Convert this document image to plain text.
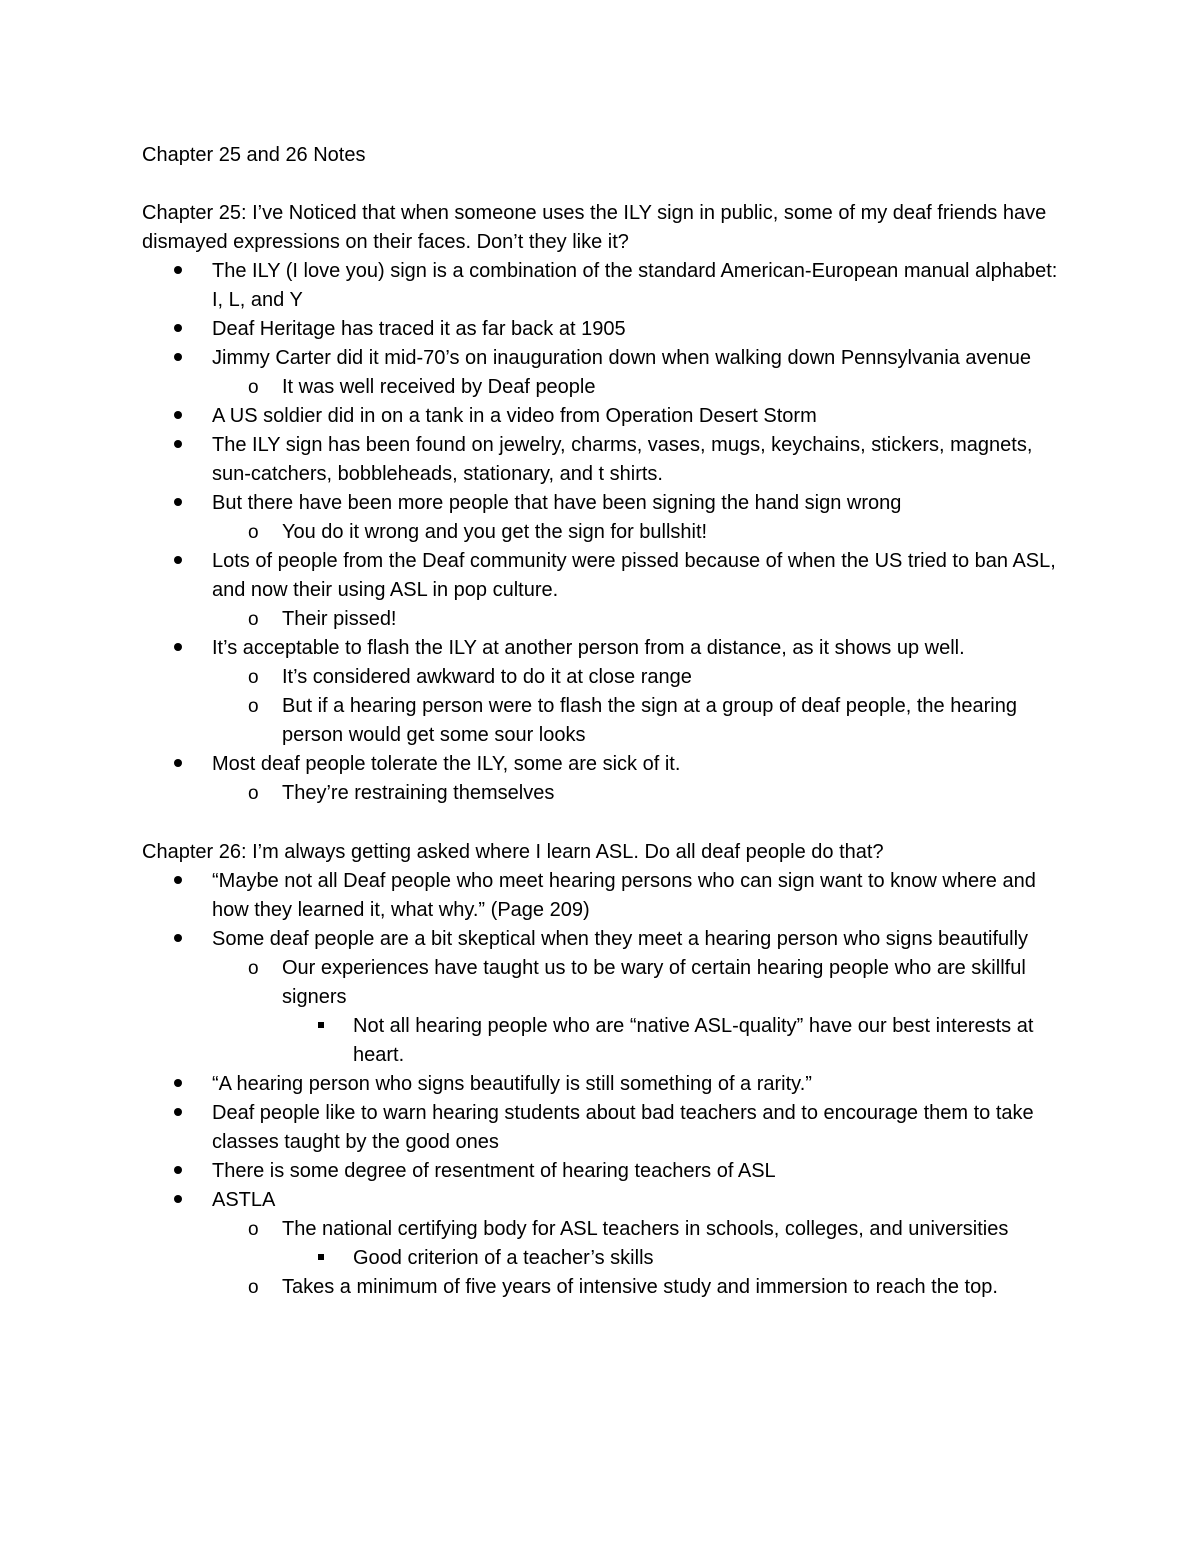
Chapter 25 and 26 Notes

Chapter 25: I’ve Noticed that when someone uses the ILY sign in public, some of my deaf friends have dismayed expressions on their faces. Don’t they like it?

The ILY (I love you) sign is a combination of the standard American-European manual alphabet: I, L, and Y
Deaf Heritage has traced it as far back at 1905
Jimmy Carter did it mid-70’s on inauguration down when walking down Pennsylvania avenue
o It was well received by Deaf people
A US soldier did in on a tank in a video from Operation Desert Storm
The ILY sign has been found on jewelry, charms, vases, mugs, keychains, stickers, magnets, sun-catchers, bobbleheads, stationary, and t shirts.
But there have been more people that have been signing the hand sign wrong
o You do it wrong and you get the sign for bullshit!
Lots of people from the Deaf community were pissed because of when the US tried to ban ASL, and now their using ASL in pop culture.
o Their pissed!
It’s acceptable to flash the ILY at another person from a distance, as it shows up well.
o It’s considered awkward to do it at close range
o But if a hearing person were to flash the sign at a group of deaf people, the hearing person would get some sour looks
Most deaf people tolerate the ILY, some are sick of it.
o They’re restraining themselves

Chapter 26: I’m always getting asked where I learn ASL. Do all deaf people do that?

“Maybe not all Deaf people who meet hearing persons who can sign want to know where and how they learned it, what why.” (Page 209)
Some deaf people are a bit skeptical when they meet a hearing person who signs beautifully
o Our experiences have taught us to be wary of certain hearing people who are skillful signers
Not all hearing people who are “native ASL-quality” have our best interests at heart.
“A hearing person who signs beautifully is still something of a rarity.”
Deaf people like to warn hearing students about bad teachers and to encourage them to take classes taught by the good ones
There is some degree of resentment of hearing teachers of ASL
ASTLA
o The national certifying body for ASL teachers in schools, colleges, and universities
Good criterion of a teacher’s skills
o Takes a minimum of five years of intensive study and immersion to reach the top.
